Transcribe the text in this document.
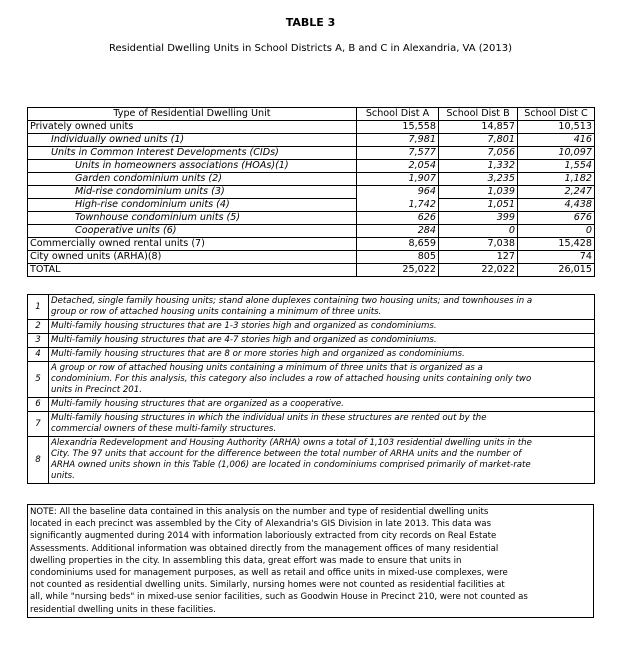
TABLE 3
Residential Dwelling Units in School Districts A, B and C in Alexandria, VA (2013)
Type of Residential Dwelling Unit	School Dist A	School Dist B	School Dist C
Privately owned units	15,558	14,857	10,513
Individually owned units (1)	7,981	7,801	416
Units in Common Interest Developments (CIDs)	7,577	7,056	10,097
Units in homeowners associations (HOAs)(1)	2,054	1,332	1,554
Garden condominium units (2)	1,907	3,235	1,182
Mid-rise condominium units (3)	964	1,039	2,247
High-rise condominium units (4)	1,742	1,051	4,438
Townhouse condominium units (5)	626	399	676
Cooperative units (6)	284	0	0
Commercially owned rental units (7)	8,659	7,038	15,428
City owned units (ARHA)(8)	805	127	74
TOTAL	25,022	22,022	26,015
1	Detached, single family housing units; stand alone duplexes containing two housing units; and townhouses in a
group or row of attached housing units containing a minimum of three units.

2	Multi-family housing structures that are 1-3 stories high and organized as condominiums.

3	Multi-family housing structures that are 4-7 stories high and organized as condominiums.

4	Multi-family housing structures that are 8 or more stories high and organized as condominiums.

5	A group or row of attached housing units containing a minimum of three units that is organized as a
condominium. For this analysis, this category also includes a row of attached housing units containing only two
units in Precinct 201.

6	Multi-family housing structures that are organized as a cooperative.

7	Multi-family housing structures in which the individual units in these structures are rented out by the
commercial owners of these multi-family structures.

8	Alexandria Redevelopment and Housing Authority (ARHA) owns a total of 1,103 residential dwelling units in the
City. The 97 units that account for the difference between the total number of ARHA units and the number of
ARHA owned units shown in this Table (1,006) are located in condominiums comprised primarily of market-rate
units.
NOTE: All the baseline data contained in this analysis on the number and type of residential dwelling units
located in each precinct was assembled by the City of Alexandria's GIS Division in late 2013. This data was
significantly augmented during 2014 with information laboriously extracted from city records on Real Estate
Assessments. Additional information was obtained directly from the management offices of many residential
dwelling properties in the city. In assembling this data, great effort was made to ensure that units in
condominiums used for management purposes, as well as retail and office units in mixed-use complexes, were
not counted as residential dwelling units. Similarly, nursing homes were not counted as residential facilities at
all, while "nursing beds" in mixed-use senior facilities, such as Goodwin House in Precinct 210, were not counted as
residential dwelling units in these facilities.
